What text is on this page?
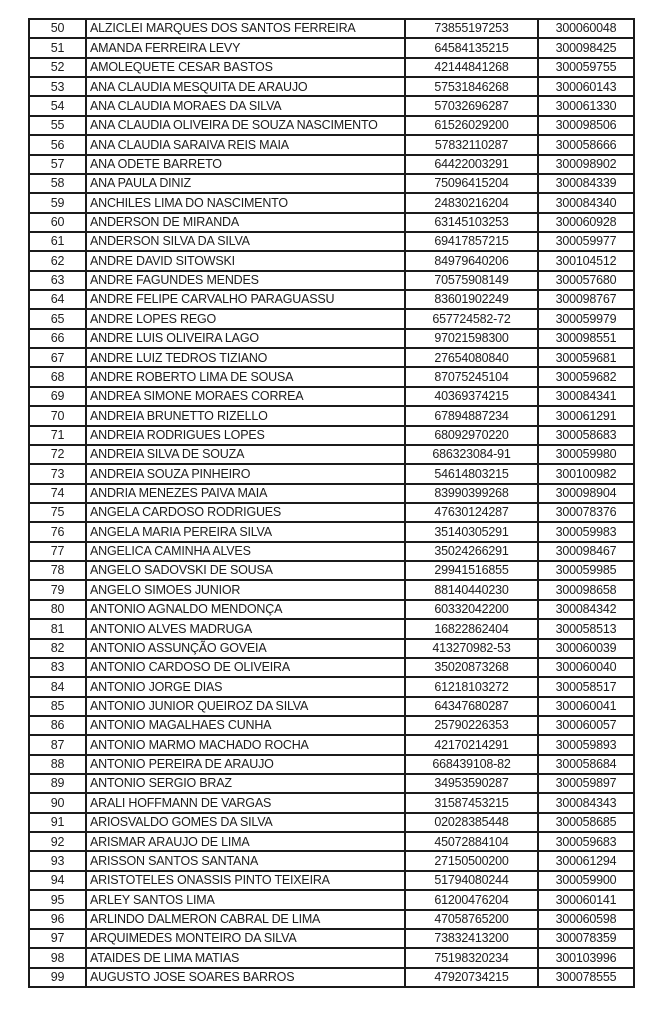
50	ALZICLEI MARQUES DOS SANTOS FERREIRA	73855197253	300060048
51	AMANDA FERREIRA LEVY	64584135215	300098425
52	AMOLEQUETE CESAR BASTOS	42144841268	300059755
53	ANA CLAUDIA MESQUITA DE ARAUJO	57531846268	300060143
54	ANA CLAUDIA MORAES DA SILVA	57032696287	300061330
55	ANA CLAUDIA OLIVEIRA DE SOUZA NASCIMENTO	61526029200	300098506
56	ANA CLAUDIA SARAIVA REIS MAIA	57832110287	300058666
57	ANA ODETE BARRETO	64422003291	300098902
58	ANA PAULA DINIZ	75096415204	300084339
59	ANCHILES LIMA DO NASCIMENTO	24830216204	300084340
60	ANDERSON DE MIRANDA	63145103253	300060928
61	ANDERSON SILVA DA SILVA	69417857215	300059977
62	ANDRE DAVID SITOWSKI	84979640206	300104512
63	ANDRE FAGUNDES MENDES	70575908149	300057680
64	ANDRE FELIPE CARVALHO PARAGUASSU	83601902249	300098767
65	ANDRE LOPES REGO	657724582-72	300059979
66	ANDRE LUIS OLIVEIRA LAGO	97021598300	300098551
67	ANDRE LUIZ TEDROS TIZIANO	27654080840	300059681
68	ANDRE ROBERTO LIMA DE SOUSA	87075245104	300059682
69	ANDREA SIMONE MORAES CORREA	40369374215	300084341
70	ANDREIA BRUNETTO RIZELLO	67894887234	300061291
71	ANDREIA RODRIGUES LOPES	68092970220	300058683
72	ANDREIA SILVA DE SOUZA	686323084-91	300059980
73	ANDREIA SOUZA PINHEIRO	54614803215	300100982
74	ANDRIA MENEZES PAIVA MAIA	83990399268	300098904
75	ANGELA CARDOSO RODRIGUES	47630124287	300078376
76	ANGELA MARIA PEREIRA SILVA	35140305291	300059983
77	ANGELICA CAMINHA ALVES	35024266291	300098467
78	ANGELO SADOVSKI DE SOUSA	29941516855	300059985
79	ANGELO SIMOES JUNIOR	88140440230	300098658
80	ANTONIO AGNALDO MENDONÇA	60332042200	300084342
81	ANTONIO ALVES MADRUGA	16822862404	300058513
82	ANTONIO ASSUNÇÃO GOVEIA	413270982-53	300060039
83	ANTONIO CARDOSO DE OLIVEIRA	35020873268	300060040
84	ANTONIO JORGE DIAS	61218103272	300058517
85	ANTONIO JUNIOR QUEIROZ DA SILVA	64347680287	300060041
86	ANTONIO MAGALHAES CUNHA	25790226353	300060057
87	ANTONIO MARMO MACHADO ROCHA	42170214291	300059893
88	ANTONIO PEREIRA DE ARAUJO	668439108-82	300058684
89	ANTONIO SERGIO BRAZ	34953590287	300059897
90	ARALI HOFFMANN DE VARGAS	31587453215	300084343
91	ARIOSVALDO GOMES DA SILVA	02028385448	300058685
92	ARISMAR ARAUJO DE LIMA	45072884104	300059683
93	ARISSON SANTOS SANTANA	27150500200	300061294
94	ARISTOTELES ONASSIS PINTO TEIXEIRA	51794080244	300059900
95	ARLEY SANTOS LIMA	61200476204	300060141
96	ARLINDO DALMERON CABRAL DE LIMA	47058765200	300060598
97	ARQUIMEDES MONTEIRO DA SILVA	73832413200	300078359
98	ATAIDES DE LIMA MATIAS	75198320234	300103996
99	AUGUSTO JOSE SOARES BARROS	47920734215	300078555
